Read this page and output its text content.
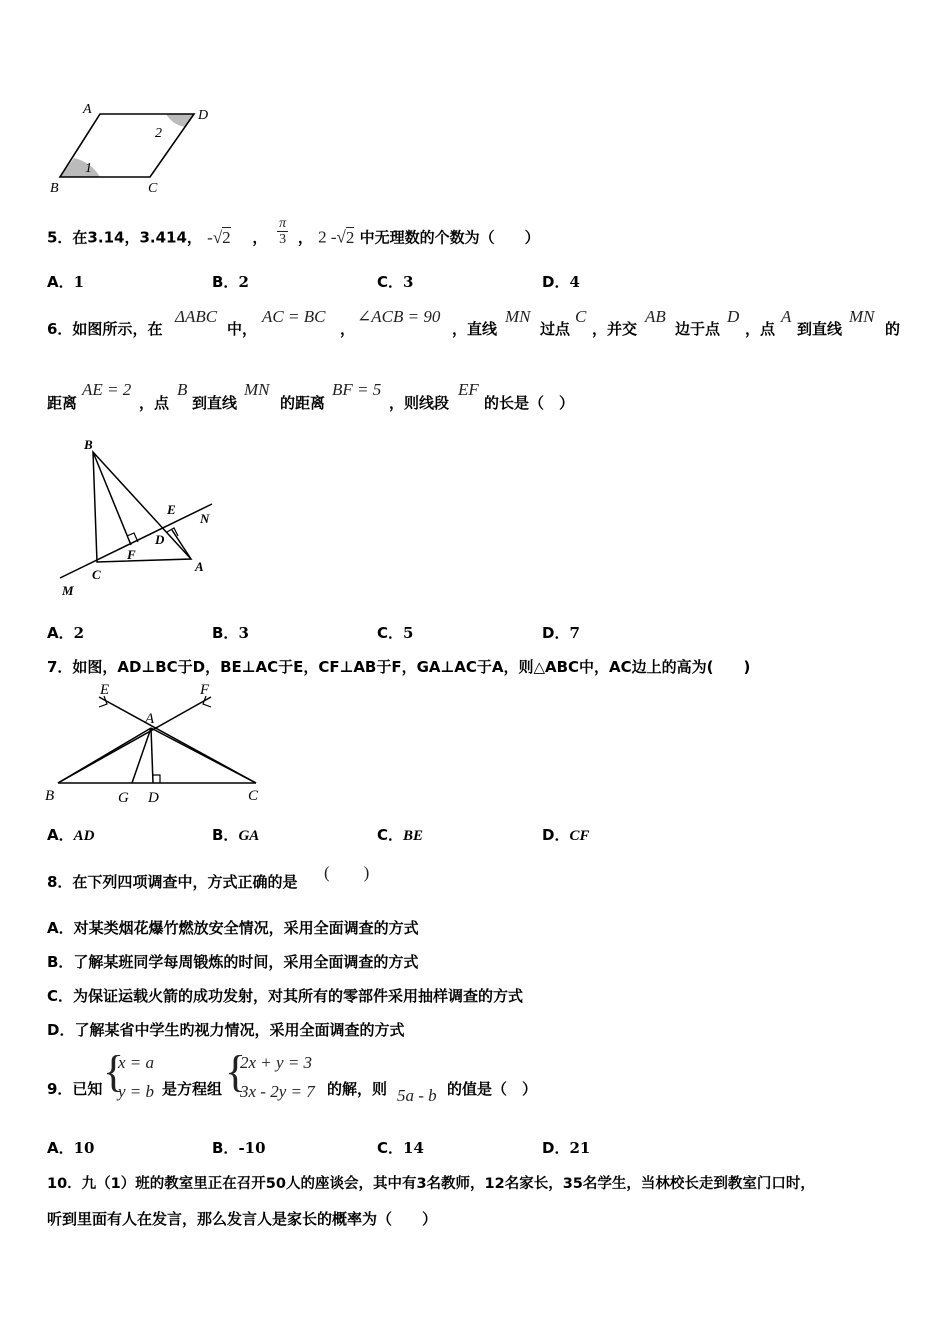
A	D
B	C
1
2
5．在3.14，3.414， -√2 ， $\frac{\pi}{3}$ ， 2 -√2 中无理数的个数为（　　）
A．1	B．2	C．3	D．4
6．如图所示，在
ΔABC
中，
AC = BC
，
∠ACB = 90
，直线
MN
过点
C
，并交
AB
边于点
D
，点
A
到直线
MN
的
距离
AE = 2
，点
B
到直线
MN
的距离
BF = 5
，则线段
EF
的长是（　）
B
E
N
D
F
C
A
M
A．2	B．3	C．5	D．7
7．如图，AD⊥BC于D，BE⊥AC于E，CF⊥AB于F，GA⊥AC于A，则△ABC中，AC边上的高为(　　)
E	F
A
B	G D	C
A．AD	B．GA	C．BE	D．CF
8．在下列四项调查中，方式正确的是 (　　)
A．对某类烟花爆竹燃放安全情况，采用全面调查的方式
B．了解某班同学每周锻炼的时间，采用全面调查的方式
C．为保证运载火箭的成功发射，对其所有的零部件采用抽样调查的方式
D．了解某省中学生旳视力情况，采用全面调查的方式
9．已知 {
x = a
y = b 是方程组 {
2x + y = 3
3x - 2y = 7 的解，则 5a - b 的值是（　）
A．10	B．-10	C．14	D．21
10．九（1）班的教室里正在召开50人的座谈会，其中有3名教师，12名家长，35名学生，当林校长走到教室门口时，
听到里面有人在发言，那么发言人是家长的概率为（　　）
